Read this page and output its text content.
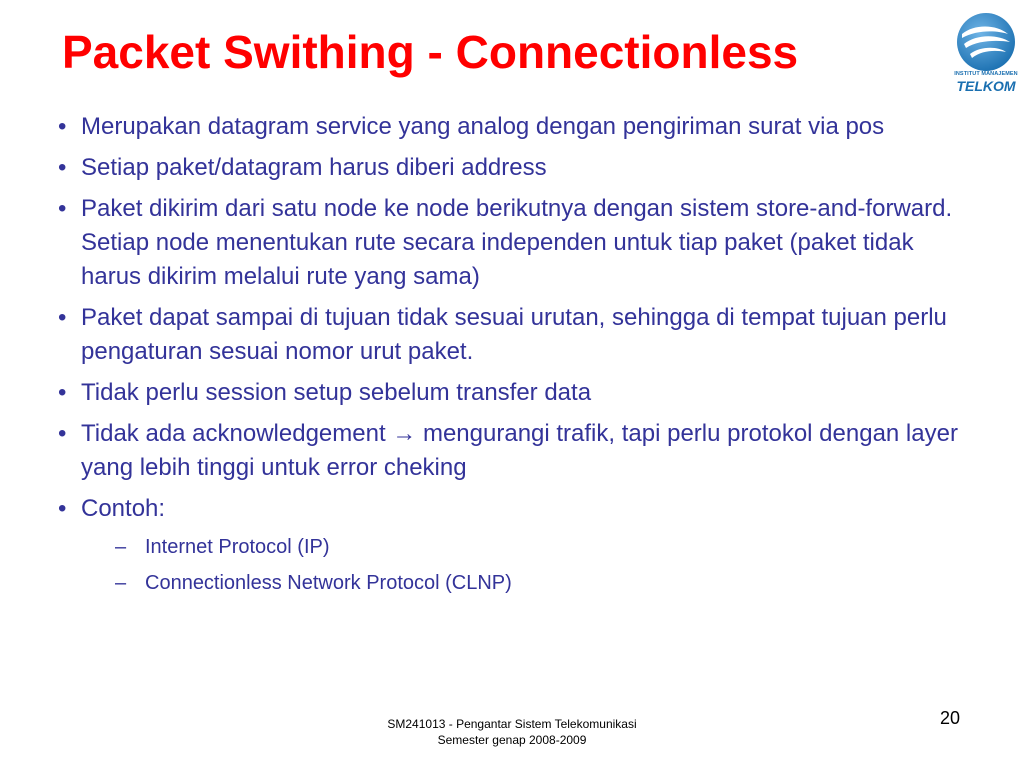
Packet Swithing - Connectionless	INSTITUT MANAJEMEN
TELKOM
• Merupakan datagram service yang analog dengan pengiriman surat via pos
• Setiap paket/datagram harus diberi address
• Paket dikirim dari satu node ke node berikutnya dengan sistem store-and-forward. Setiap node menentukan rute secara independen untuk tiap paket (paket tidak harus dikirim melalui rute yang sama)
• Paket dapat sampai di tujuan tidak sesuai urutan, sehingga di tempat tujuan perlu pengaturan sesuai nomor urut paket.
• Tidak perlu session setup sebelum transfer data
• Tidak ada acknowledgement → mengurangi trafik, tapi perlu protokol dengan layer yang lebih tinggi untuk error cheking
• Contoh:
– Internet Protocol (IP)
– Connectionless Network Protocol (CLNP)
SM241013 - Pengantar Sistem Telekomunikasi
Semester genap 2008-2009
20
